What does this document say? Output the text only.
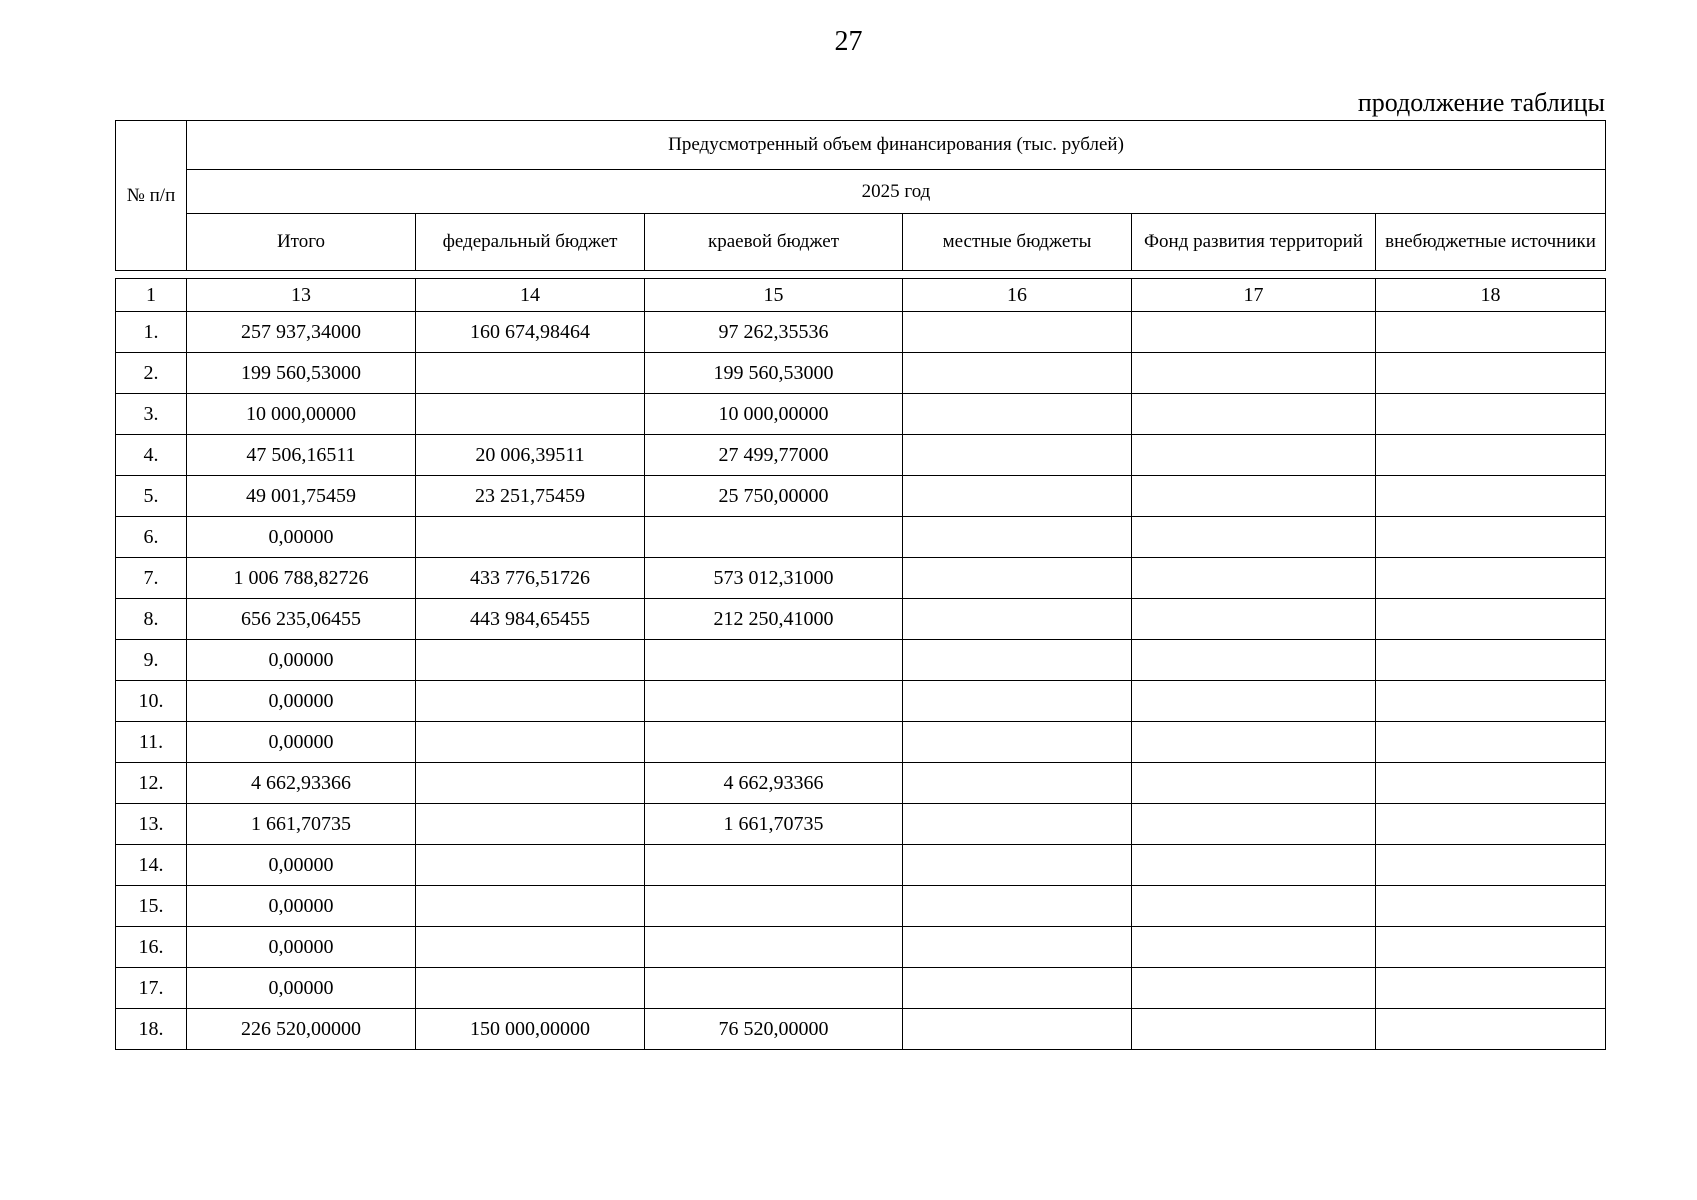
27
продолжение таблицы
№ п/п	Предусмотренный объем финансирования (тыс. рублей)					
	2025 год					
	Итого	федеральный бюджет	краевой бюджет	местные бюджеты	Фонд развития территорий	внебюджетные источники
1	13	14	15	16	17	18
1.	257 937,34000	160 674,98464	97 262,35536			
2.	199 560,53000		199 560,53000			
3.	10 000,00000		10 000,00000			
4.	47 506,16511	20 006,39511	27 499,77000			
5.	49 001,75459	23 251,75459	25 750,00000			
6.	0,00000					
7.	1 006 788,82726	433 776,51726	573 012,31000			
8.	656 235,06455	443 984,65455	212 250,41000			
9.	0,00000					
10.	0,00000					
11.	0,00000					
12.	4 662,93366		4 662,93366			
13.	1 661,70735		1 661,70735			
14.	0,00000					
15.	0,00000					
16.	0,00000					
17.	0,00000					
18.	226 520,00000	150 000,00000	76 520,00000			
